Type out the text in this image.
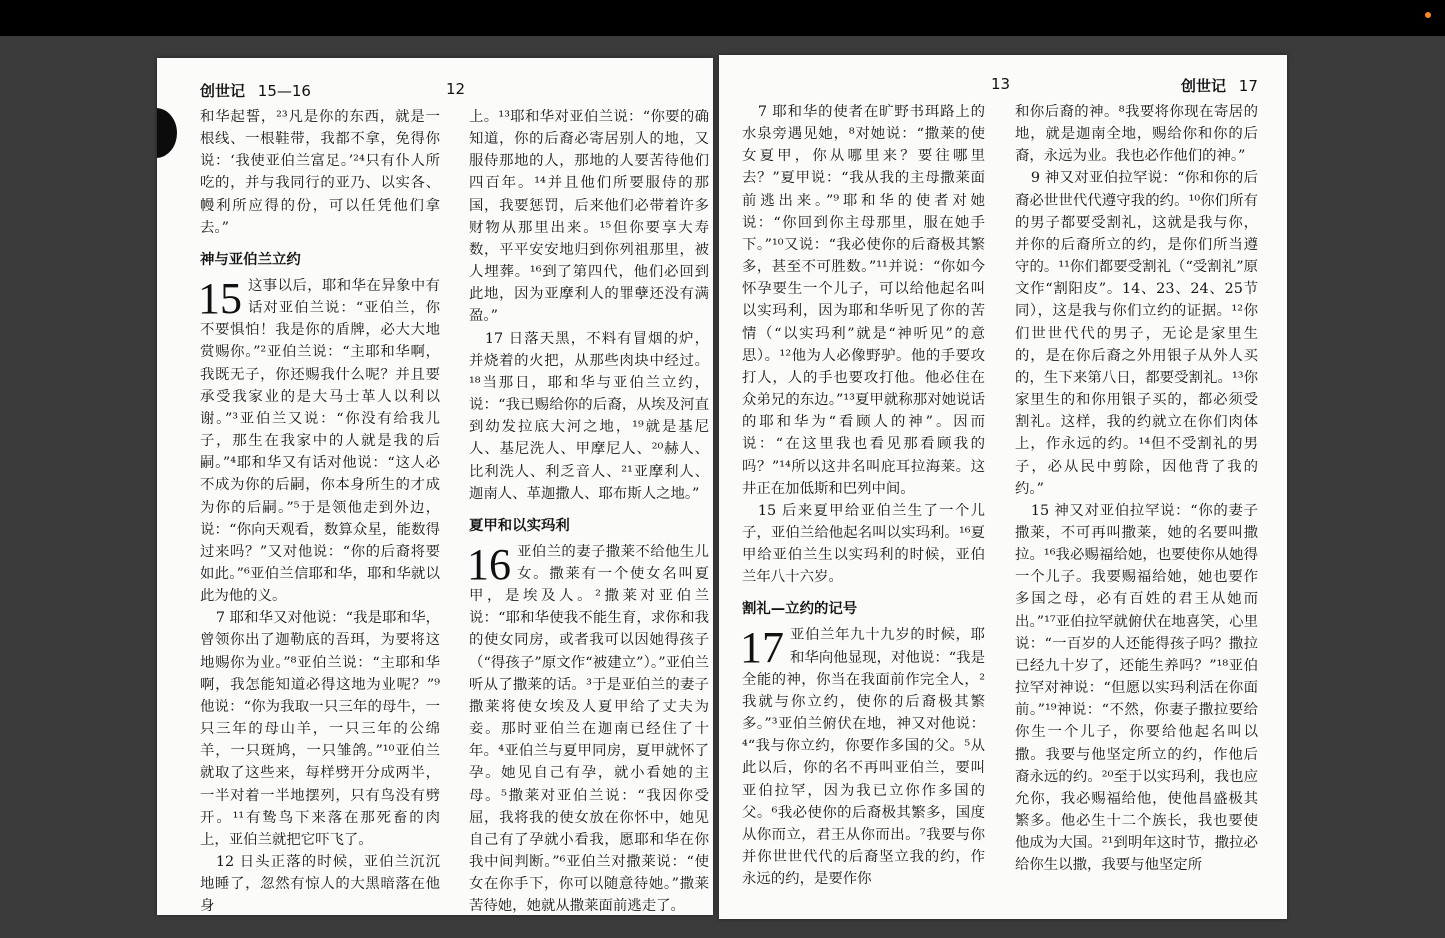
创世记 15—16	12

和华起誓，²³凡是你的东西，就是一根线、一根鞋带，我都不拿，免得你说：‘我使亚伯兰富足。’²⁴只有仆人所吃的，并与我同行的亚乃、以实各、幔利所应得的份，可以任凭他们拿去。”

神与亚伯兰立约

15 这事以后，耶和华在异象中有话对亚伯兰说：“亚伯兰，你不要惧怕！我是你的盾牌，必大大地赏赐你。”²亚伯兰说：“主耶和华啊，我既无子，你还赐我什么呢？并且要承受我家业的是大马士革人以利以谢。”³亚伯兰又说：“你没有给我儿子，那生在我家中的人就是我的后嗣。”⁴耶和华又有话对他说：“这人必不成为你的后嗣，你本身所生的才成为你的后嗣。”⁵于是领他走到外边，说：“你向天观看，数算众星，能数得过来吗？”又对他说：“你的后裔将要如此。”⁶亚伯兰信耶和华，耶和华就以此为他的义。

7 耶和华又对他说：“我是耶和华，曾领你出了迦勒底的吾珥，为要将这地赐你为业。”⁸亚伯兰说：“主耶和华啊，我怎能知道必得这地为业呢？”⁹他说：“你为我取一只三年的母牛，一只三年的母山羊，一只三年的公绵羊，一只斑鸠，一只雏鸽。”¹⁰亚伯兰就取了这些来，每样劈开分成两半，一半对着一半地摆列，只有鸟没有劈开。¹¹有鸷鸟下来落在那死畜的肉上，亚伯兰就把它吓飞了。

12 日头正落的时候，亚伯兰沉沉地睡了，忽然有惊人的大黑暗落在他身

上。¹³耶和华对亚伯兰说：“你要的确知道，你的后裔必寄居别人的地，又服侍那地的人，那地的人要苦待他们四百年。¹⁴并且他们所要服侍的那国，我要惩罚，后来他们必带着许多财物从那里出来。¹⁵但你要享大寿数，平平安安地归到你列祖那里，被人埋葬。¹⁶到了第四代，他们必回到此地，因为亚摩利人的罪孽还没有满盈。”

17 日落天黑，不料有冒烟的炉，并烧着的火把，从那些肉块中经过。¹⁸当那日，耶和华与亚伯兰立约，说：“我已赐给你的后裔，从埃及河直到幼发拉底大河之地，¹⁹就是基尼人、基尼洗人、甲摩尼人、²⁰赫人、比利洗人、利乏音人、²¹亚摩利人、迦南人、革迦撒人、耶布斯人之地。”

夏甲和以实玛利

16 亚伯兰的妻子撒莱不给他生儿女。撒莱有一个使女名叫夏甲，是埃及人。²撒莱对亚伯兰说：“耶和华使我不能生育，求你和我的使女同房，或者我可以因她得孩子（“得孩子”原文作“被建立”）。”亚伯兰听从了撒莱的话。³于是亚伯兰的妻子撒莱将使女埃及人夏甲给了丈夫为妾。那时亚伯兰在迦南已经住了十年。⁴亚伯兰与夏甲同房，夏甲就怀了孕。她见自己有孕，就小看她的主母。⁵撒莱对亚伯兰说：“我因你受屈，我将我的使女放在你怀中，她见自己有了孕就小看我，愿耶和华在你我中间判断。”⁶亚伯兰对撒莱说：“使女在你手下，你可以随意待她。”撒莱苦待她，她就从撒莱面前逃走了。

13	创世记 17

7 耶和华的使者在旷野书珥路上的水泉旁遇见她，⁸对她说：“撒莱的使女夏甲，你从哪里来？要往哪里去？”夏甲说：“我从我的主母撒莱面前逃出来。”⁹耶和华的使者对她说：“你回到你主母那里，服在她手下。”¹⁰又说：“我必使你的后裔极其繁多，甚至不可胜数。”¹¹并说：“你如今怀孕要生一个儿子，可以给他起名叫以实玛利，因为耶和华听见了你的苦情（“以实玛利”就是“神听见”的意思）。¹²他为人必像野驴。他的手要攻打人，人的手也要攻打他。他必住在众弟兄的东边。”¹³夏甲就称那对她说话的耶和华为“看顾人的神”。因而说：“在这里我也看见那看顾我的吗？”¹⁴所以这井名叫庇耳拉海莱。这井正在加低斯和巴列中间。

15 后来夏甲给亚伯兰生了一个儿子，亚伯兰给他起名叫以实玛利。¹⁶夏甲给亚伯兰生以实玛利的时候，亚伯兰年八十六岁。

割礼—立约的记号

17 亚伯兰年九十九岁的时候，耶和华向他显现，对他说：“我是全能的神，你当在我面前作完全人，²我就与你立约，使你的后裔极其繁多。”³亚伯兰俯伏在地，神又对他说：⁴“我与你立约，你要作多国的父。⁵从此以后，你的名不再叫亚伯兰，要叫亚伯拉罕，因为我已立你作多国的父。⁶我必使你的后裔极其繁多，国度从你而立，君王从你而出。⁷我要与你并你世世代代的后裔坚立我的约，作永远的约，是要作你

和你后裔的神。⁸我要将你现在寄居的地，就是迦南全地，赐给你和你的后裔，永远为业。我也必作他们的神。”

9 神又对亚伯拉罕说：“你和你的后裔必世世代代遵守我的约。¹⁰你们所有的男子都要受割礼，这就是我与你，并你的后裔所立的约，是你们所当遵守的。¹¹你们都要受割礼（“受割礼”原文作“割阳皮”。14、23、24、25节同），这是我与你们立约的证据。¹²你们世世代代的男子，无论是家里生的，是在你后裔之外用银子从外人买的，生下来第八日，都要受割礼。¹³你家里生的和你用银子买的，都必须受割礼。这样，我的约就立在你们肉体上，作永远的约。¹⁴但不受割礼的男子，必从民中剪除，因他背了我的约。”

15 神又对亚伯拉罕说：“你的妻子撒莱，不可再叫撒莱，她的名要叫撒拉。¹⁶我必赐福给她，也要使你从她得一个儿子。我要赐福给她，她也要作多国之母，必有百姓的君王从她而出。”¹⁷亚伯拉罕就俯伏在地喜笑，心里说：“一百岁的人还能得孩子吗？撒拉已经九十岁了，还能生养吗？”¹⁸亚伯拉罕对神说：“但愿以实玛利活在你面前。”¹⁹神说：“不然，你妻子撒拉要给你生一个儿子，你要给他起名叫以撒。我要与他坚定所立的约，作他后裔永远的约。²⁰至于以实玛利，我也应允你，我必赐福给他，使他昌盛极其繁多。他必生十二个族长，我也要使他成为大国。²¹到明年这时节，撒拉必给你生以撒，我要与他坚定所
